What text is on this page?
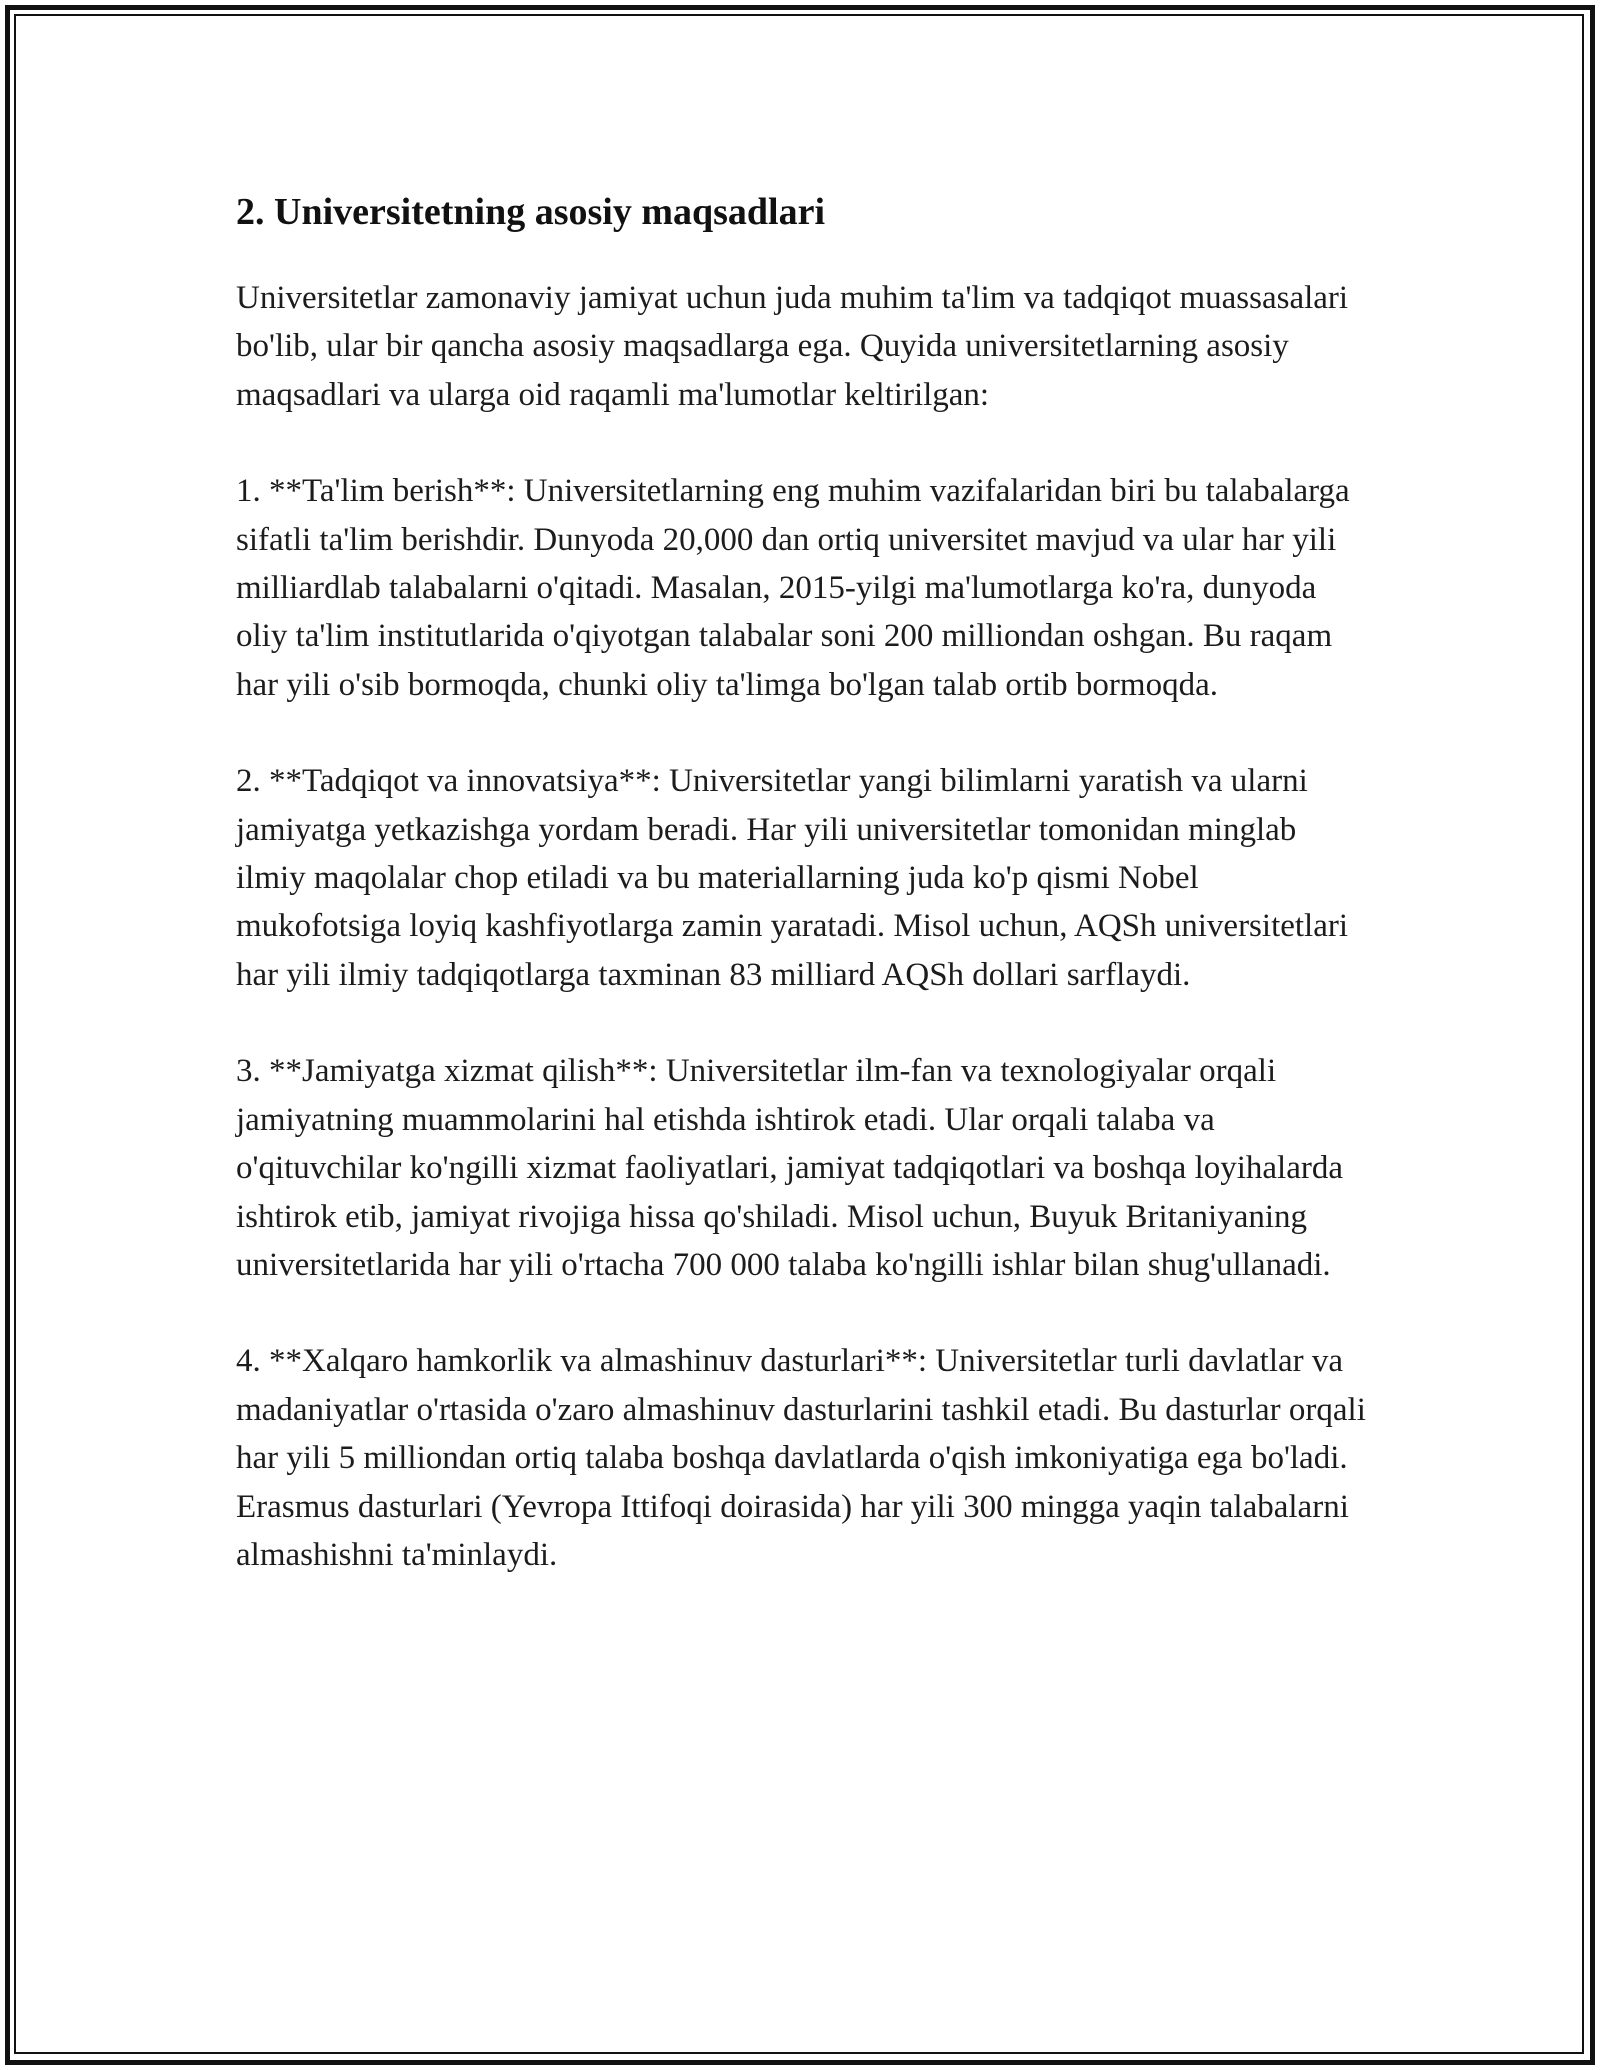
2. Universitetning asosiy maqsadlari

Universitetlar zamonaviy jamiyat uchun juda muhim ta'lim va tadqiqot muassasalari bo'lib, ular bir qancha asosiy maqsadlarga ega. Quyida universitetlarning asosiy maqsadlari va ularga oid raqamli ma'lumotlar keltirilgan:

1. **Ta'lim berish**: Universitetlarning eng muhim vazifalaridan biri bu talabalarga sifatli ta'lim berishdir. Dunyoda 20,000 dan ortiq universitet mavjud va ular har yili milliardlab talabalarni o'qitadi. Masalan, 2015-yilgi ma'lumotlarga ko'ra, dunyoda oliy ta'lim institutlarida o'qiyotgan talabalar soni 200 milliondan oshgan. Bu raqam har yili o'sib bormoqda, chunki oliy ta'limga bo'lgan talab ortib bormoqda.

2. **Tadqiqot va innovatsiya**: Universitetlar yangi bilimlarni yaratish va ularni jamiyatga yetkazishga yordam beradi. Har yili universitetlar tomonidan minglab ilmiy maqolalar chop etiladi va bu materiallarning juda ko'p qismi Nobel mukofotsiga loyiq kashfiyotlarga zamin yaratadi. Misol uchun, AQSh universitetlari har yili ilmiy tadqiqotlarga taxminan 83 milliard AQSh dollari sarflaydi.

3. **Jamiyatga xizmat qilish**: Universitetlar ilm-fan va texnologiyalar orqali jamiyatning muammolarini hal etishda ishtirok etadi. Ular orqali talaba va o'qituvchilar ko'ngilli xizmat faoliyatlari, jamiyat tadqiqotlari va boshqa loyihalarda ishtirok etib, jamiyat rivojiga hissa qo'shiladi. Misol uchun, Buyuk Britaniyaning universitetlarida har yili o'rtacha 700 000 talaba ko'ngilli ishlar bilan shug'ullanadi.

4. **Xalqaro hamkorlik va almashinuv dasturlari**: Universitetlar turli davlatlar va madaniyatlar o'rtasida o'zaro almashinuv dasturlarini tashkil etadi. Bu dasturlar orqali har yili 5 milliondan ortiq talaba boshqa davlatlarda o'qish imkoniyatiga ega bo'ladi. Erasmus dasturlari (Yevropa Ittifoqi doirasida) har yili 300 mingga yaqin talabalarni almashishni ta'minlaydi.
